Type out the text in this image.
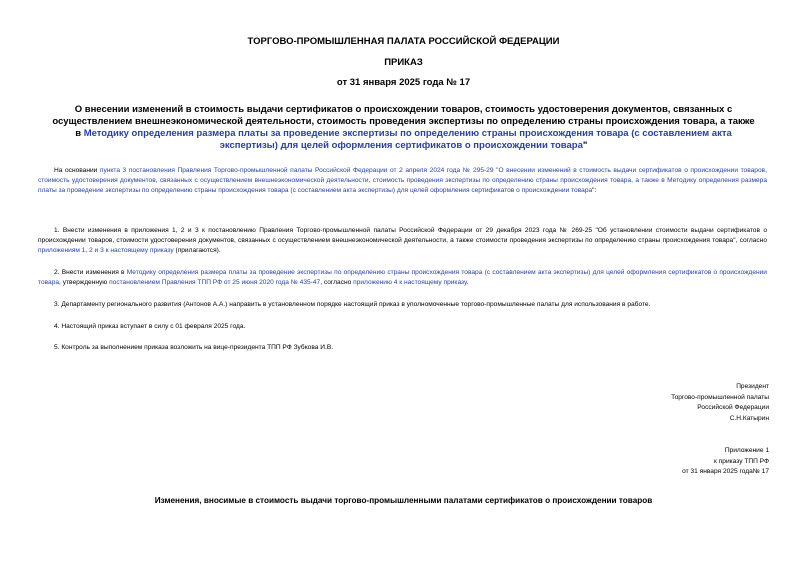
ТОРГОВО-ПРОМЫШЛЕННАЯ ПАЛАТА РОССИЙСКОЙ ФЕДЕРАЦИИ
ПРИКАЗ
от 31 января 2025 года № 17
О внесении изменений в стоимость выдачи сертификатов о происхождении товаров, стоимость удостоверения документов, связанных с осуществлением внешнеэкономической деятельности, стоимость проведения экспертизы по определению страны происхождения товара, а также в Методику определения размера платы за проведение экспертизы по определению страны происхождения товара (с составлением акта экспертизы) для целей оформления сертификатов о происхождении товара"
На основании пункта 3 постановления Правления Торгово-промышленной палаты Российской Федерации от 2 апреля 2024 года № 295-29 "О внесении изменений в стоимость выдачи сертификатов о происхождении товаров, стоимость удостоверения документов, связанных с осуществлением внешнеэкономической деятельности, стоимость проведения экспертизы по определению страны происхождения товара, а также в Методику определения размера платы за проведение экспертизы по определению страны происхождения товара (с составлением акта экспертизы) для целей оформления сертификатов о происхождении товара":
1. Внести изменения в приложения 1, 2 и 3 к постановлению Правления Торгово-промышленной палаты Российской Федерации от 29 декабря 2023 года № 269-25 "Об установлении стоимости выдачи сертификатов о происхождении товаров, стоимости удостоверения документов, связанных с осуществлением внешнеэкономической деятельности, а также стоимости проведения экспертизы по определению страны происхождения товара", согласно приложениям 1, 2 и 3 к настоящему приказу (прилагаются).
2. Внести изменения в Методику определения размера платы за проведение экспертизы по определению страны происхождения товара (с составлением акта экспертизы) для целей оформления сертификатов о происхождении товара, утвержденную постановлением Правления ТПП РФ от 25 июня 2020 года № 435-47, согласно приложению 4 к настоящему приказу.
3. Департаменту регионального развития (Антонов А.А.) направить в установленном порядке настоящий приказ в уполномоченные торгово-промышленные палаты для использования в работе.
4. Настоящий приказ вступает в силу с 01 февраля 2025 года.
5. Контроль за выполнением приказа возложить на вице-президента ТПП РФ Зубкова И.В.
Президент
Торгово-промышленной палаты
Российской Федерации
С.Н.Катырин
Приложение 1
к приказу ТПП РФ
от 31 января 2025 года№ 17
Изменения, вносимые в стоимость выдачи торгово-промышленными палатами сертификатов о происхождении товаров
